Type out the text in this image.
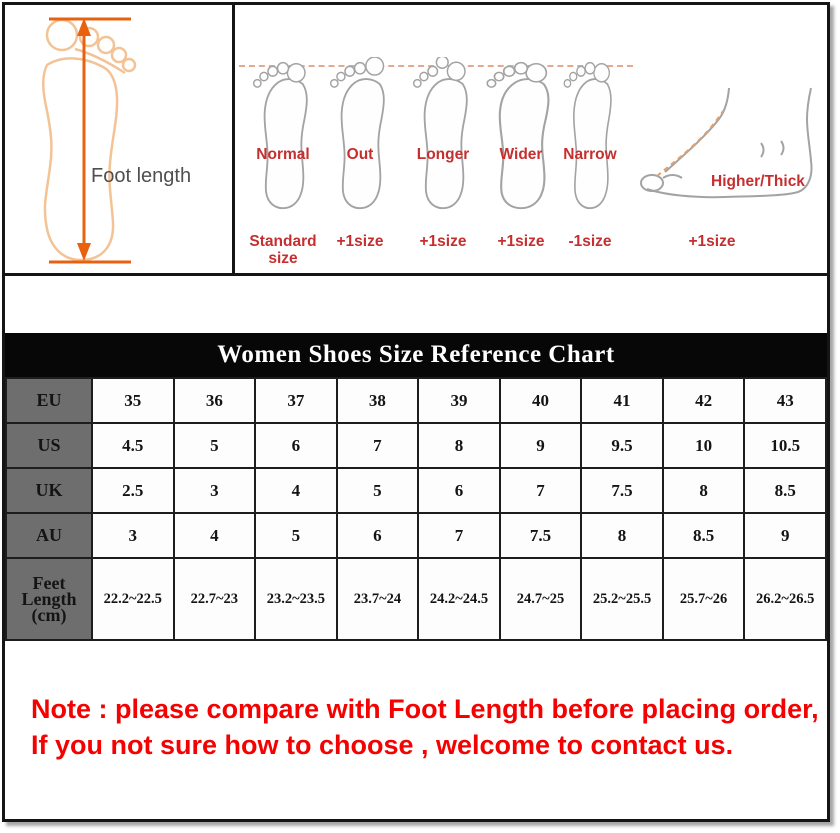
Foot length
Normal
Standard size
Out
+1size
Longer
+1size
Wider
+1size
Narrow
-1size
Higher/Thick
+1size
Women Shoes Size Reference Chart
EU	35	36	37	38	39	40	41	42	43
US	4.5	5	6	7	8	9	9.5	10	10.5
UK	2.5	3	4	5	6	7	7.5	8	8.5
AU	3	4	5	6	7	7.5	8	8.5	9

Feet Length
(cm)	22.2~22.5	22.7~23	23.2~23.5	23.7~24	24.2~24.5	24.7~25	25.2~25.5	25.7~26	26.2~26.5
Note : please compare with Foot Length before placing order,
If you not sure how to choose , welcome to contact us.
